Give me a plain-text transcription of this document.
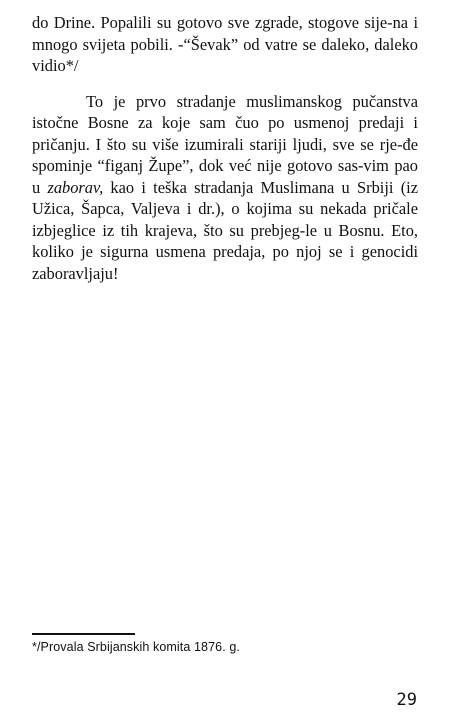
do Drine. Popalili su gotovo sve zgrade, stogove sije-na i mnogo svijeta pobili. -“Ševak” od vatre se daleko, daleko vidio*/

To je prvo stradanje muslimanskog pučanstva istočne Bosne za koje sam čuo po usmenoj predaji i pričanju. I što su više izumirali stariji ljudi, sve se rje-đe spominje “figanj Župe”, dok već nije gotovo sas-vim pao u zaborav, kao i teška stradanja Muslimana u Srbiji (iz Užica, Šapca, Valjeva i dr.), o kojima su nekada pričale izbjeglice iz tih krajeva, što su prebjeg-le u Bosnu. Eto, koliko je sigurna usmena predaja, po njoj se i genocidi zaboravljaju!

*/Provala Srbijanskih komita 1876. g.
29
